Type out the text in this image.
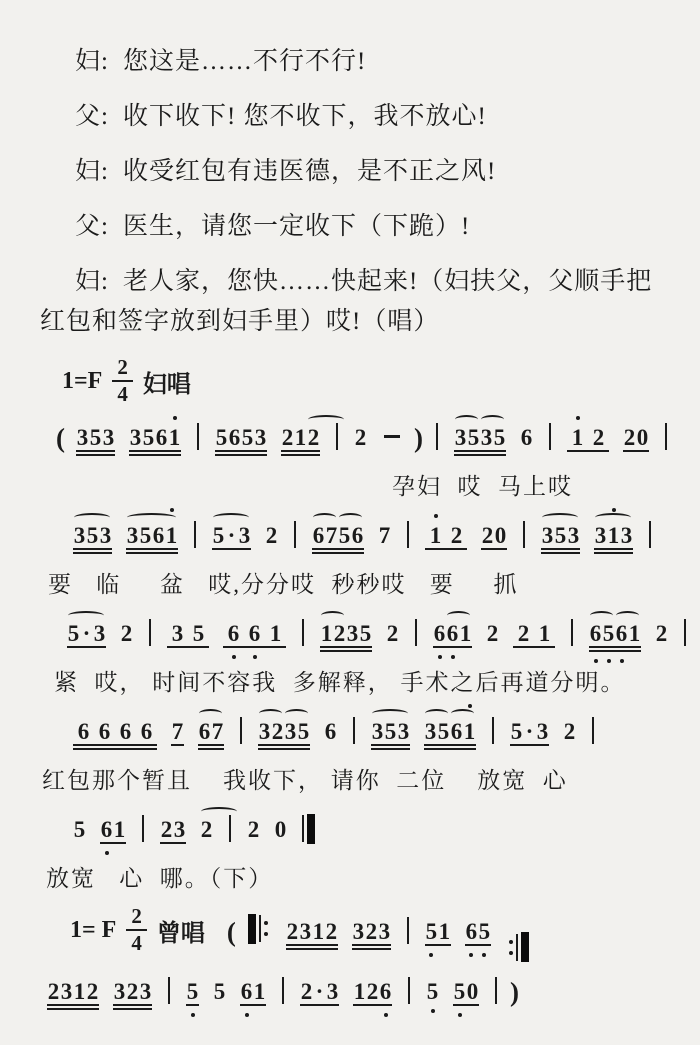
妇: 您这是……不行不行!

父: 收下收下! 您不收下，我不放心!

妇: 收受红包有违医德，是不正之风!

父: 医生，请您一定收下（下跪）!

妇: 老人家，您快……快起来!（妇扶父，父顺手把红包和签字放到妇手里）哎!（唱）

$1=F \frac{2}{4}$ 妇唱
( 353 3561 5653 212 2 ) 3535 6 1 2 20
孕妇  哎  马上哎
353 3561 5 · 3 2 6756 7 1 2 20 353 313
要   临     盆   哎,分分哎  秒秒哎   要     抓
5 · 3 2 3 5 6 6 1 1235 2 661 2 2 1 6561 2
紧  哎， 时间不容我  多解释， 手术之后再道分明。
6 6 6 6 7 67 3235 6 353 3561 5 · 3 2
红包那个暂且    我收下， 请你  二位    放宽  心
5 61 23 2 2 0
放宽   心  哪。（下）
1= F $\frac{2}{4}$ 曾唱 ( 2312 323 51 65
2312 323 5 5 61 2 · 3 126 5 50 )
